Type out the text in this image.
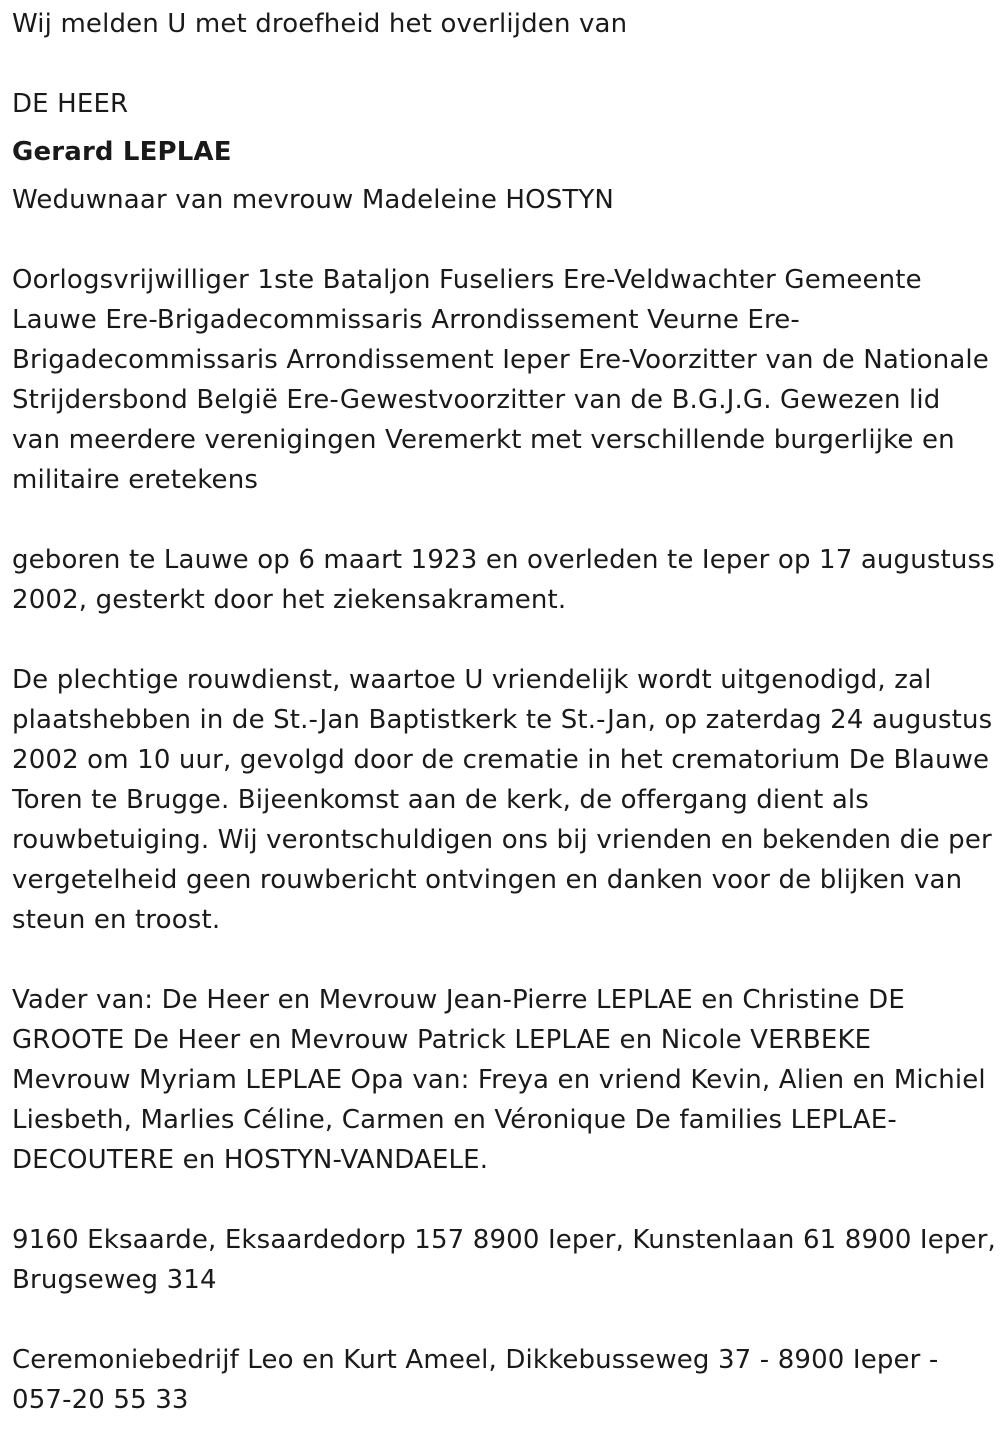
Wij melden U met droefheid het overlijden van

DE HEER

Gerard LEPLAE

Weduwnaar van mevrouw Madeleine HOSTYN

Oorlogsvrijwilliger 1ste Bataljon Fuseliers Ere-Veldwachter Gemeente Lauwe Ere-Brigadecommissaris Arrondissement Veurne Ere-Brigadecommissaris Arrondissement Ieper Ere-Voorzitter van de Nationale Strijdersbond België Ere-Gewestvoorzitter van de B.G.J.G. Gewezen lid van meerdere verenigingen Veremerkt met verschillende burgerlijke en militaire eretekens

geboren te Lauwe op 6 maart 1923 en overleden te Ieper op 17 augustuss 2002, gesterkt door het ziekensakrament.

De plechtige rouwdienst, waartoe U vriendelijk wordt uitgenodigd, zal plaatshebben in de St.-Jan Baptistkerk te St.-Jan, op zaterdag 24 augustus 2002 om 10 uur, gevolgd door de crematie in het crematorium De Blauwe Toren te Brugge. Bijeenkomst aan de kerk, de offergang dient als rouwbetuiging. Wij verontschuldigen ons bij vrienden en bekenden die per vergetelheid geen rouwbericht ontvingen en danken voor de blijken van steun en troost.

Vader van: De Heer en Mevrouw Jean-Pierre LEPLAE en Christine DE GROOTE De Heer en Mevrouw Patrick LEPLAE en Nicole VERBEKE Mevrouw Myriam LEPLAE Opa van: Freya en vriend Kevin, Alien en Michiel Liesbeth, Marlies Céline, Carmen en Véronique De families LEPLAE-DECOUTERE en HOSTYN-VANDAELE.

9160 Eksaarde, Eksaardedorp 157 8900 Ieper, Kunstenlaan 61 8900 Ieper, Brugseweg 314

Ceremoniebedrijf Leo en Kurt Ameel, Dikkebusseweg 37 - 8900 Ieper - 057-20 55 33
